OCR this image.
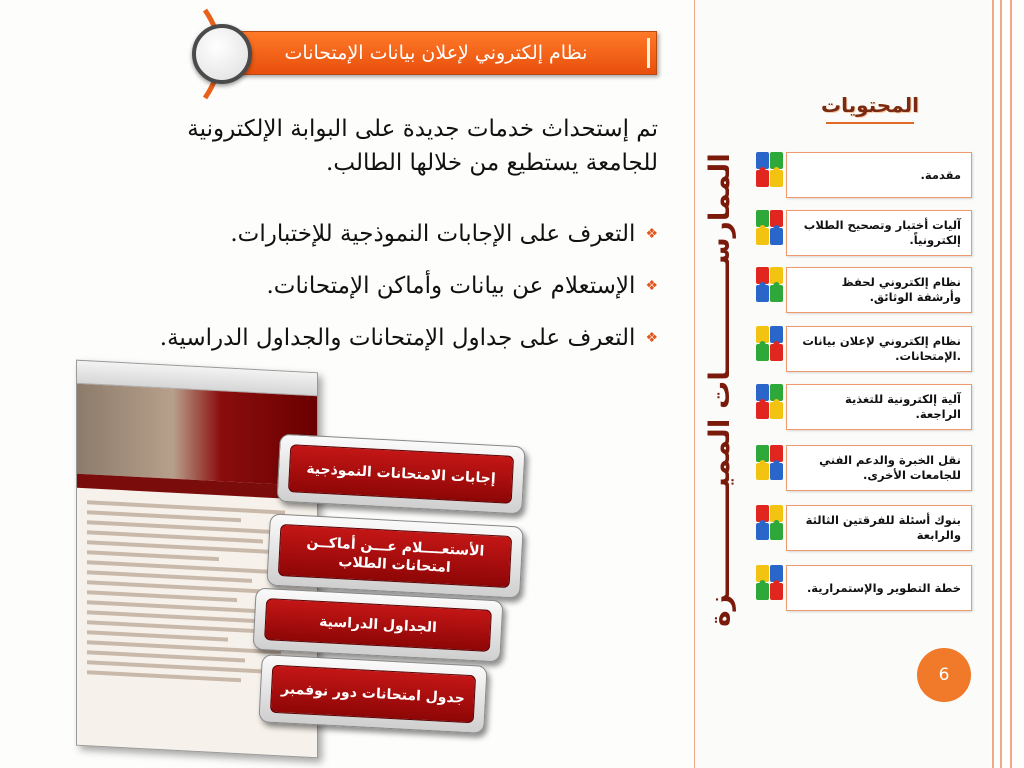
نظام إلكتروني لإعلان بيانات الإمتحانات
تم إستحداث خدمات جديدة على البوابة الإلكترونية للجامعة يستطيع من خلالها الطالب.
❖
التعرف على الإجابات النموذجية للإختبارات.
❖
الإستعلام عن بيانات وأماكن الإمتحانات.
❖
التعرف على جداول الإمتحانات والجداول الدراسية. الممارســـــــــــات المميـــــــــــزة
المحتويات
مقدمة.
آليات أختبار وتصحيح الطلاب إلكترونياً.
نظام إلكتروني لحفظ وأرشفة الوثائق.
نظام إلكتروني لإعلان بيانات .الإمتحانات.
آلية إلكترونية للتغذية الراجعة.
نقل الخبرة والدعم الفني للجامعات الأخرى.
بنوك أسئلة للفرقتين الثالثة والرابعة
خطة التطوير والإستمرارية.
6
إجابات الامتحانات النموذجية
الأستعــــلام عـــن أماكــن امتحانات الطلاب
الجداول الدراسية
جدول امتحانات دور نوفمبر
